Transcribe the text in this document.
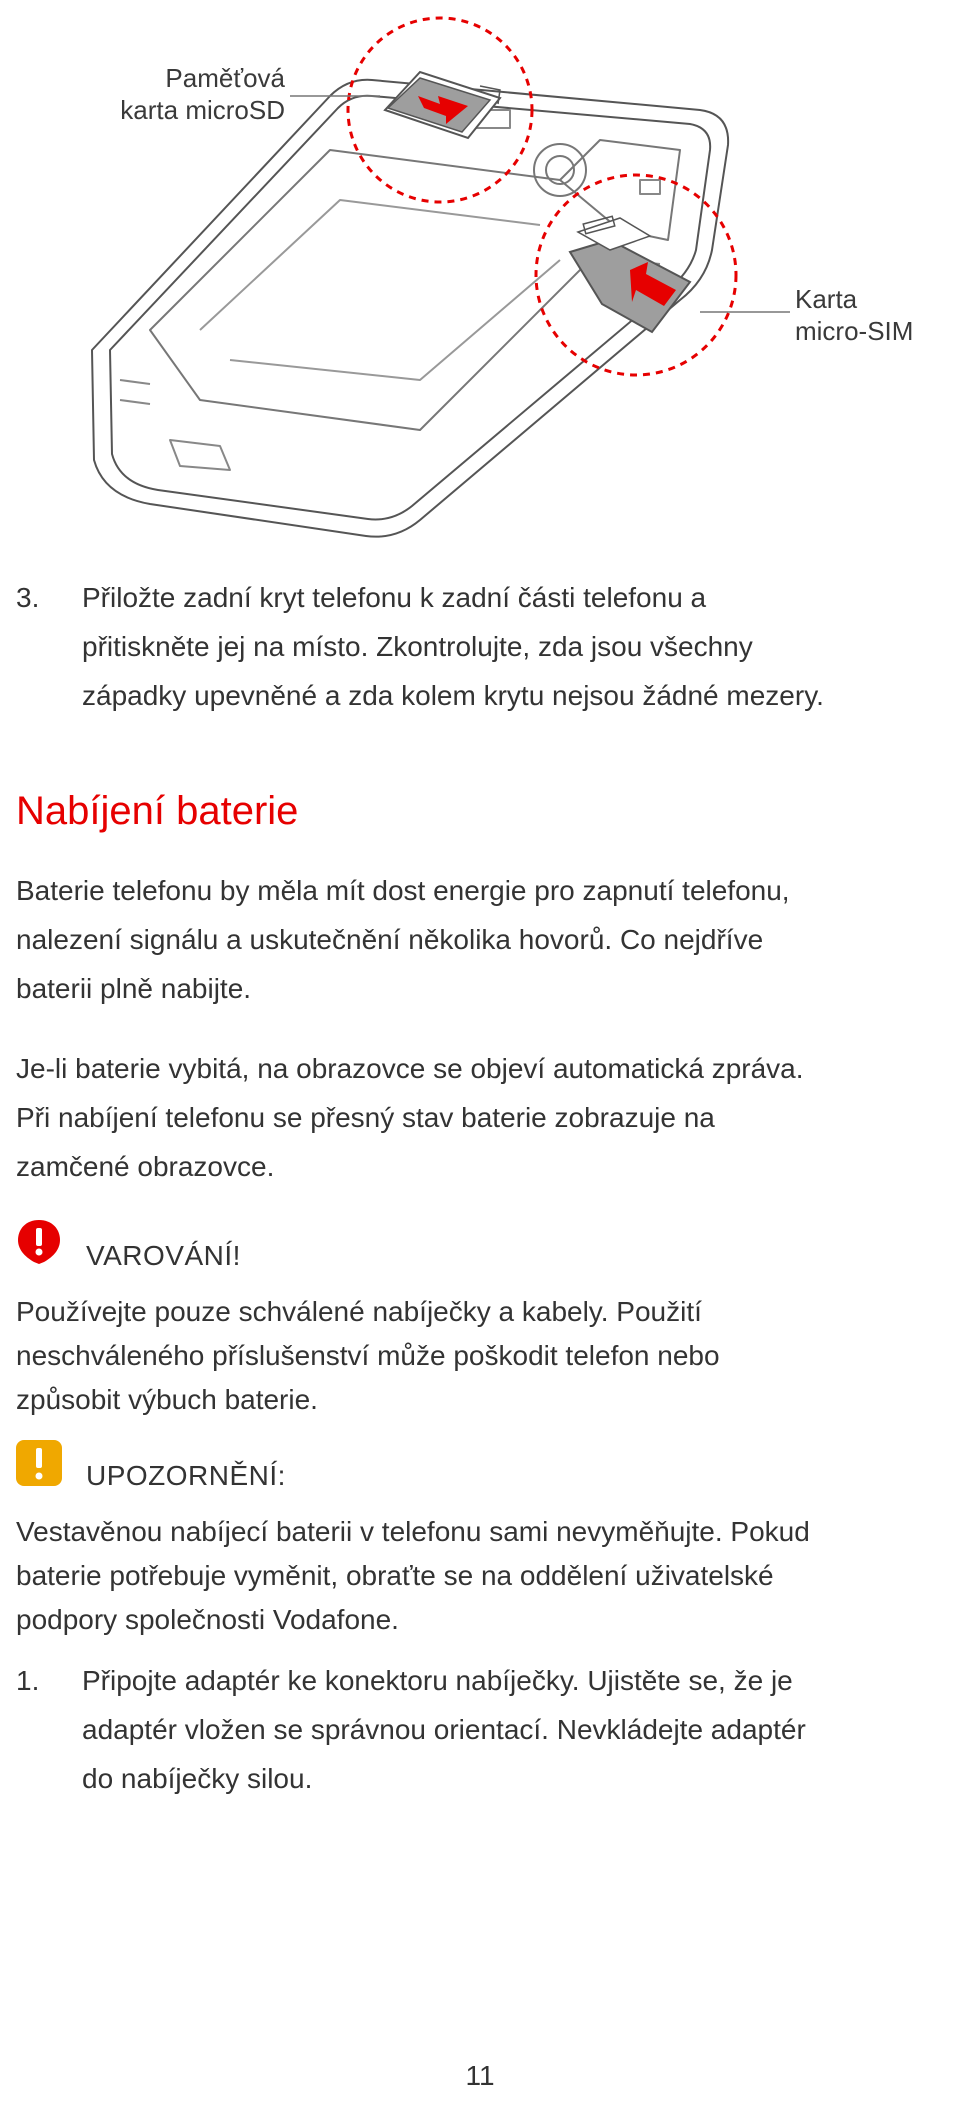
Paměťová
karta microSD
Karta
micro-SIM
3. Přiložte zadní kryt telefonu k zadní části telefonu a
přitiskněte jej na místo. Zkontrolujte, zda jsou všechny
západky upevněné a zda kolem krytu nejsou žádné mezery.
Nabíjení baterie
Baterie telefonu by měla mít dost energie pro zapnutí telefonu,
nalezení signálu a uskutečnění několika hovorů. Co nejdříve
baterii plně nabijte.
Je-li baterie vybitá, na obrazovce se objeví automatická zpráva.
Při nabíjení telefonu se přesný stav baterie zobrazuje na
zamčené obrazovce.
VAROVÁNÍ!
Používejte pouze schválené nabíječky a kabely. Použití
neschváleného příslušenství může poškodit telefon nebo
způsobit výbuch baterie.
UPOZORNĚNÍ:
Vestavěnou nabíjecí baterii v telefonu sami nevyměňujte. Pokud
baterie potřebuje vyměnit, obraťte se na oddělení uživatelské
podpory společnosti Vodafone.
1. Připojte adaptér ke konektoru nabíječky. Ujistěte se, že je
adaptér vložen se správnou orientací. Nevkládejte adaptér
do nabíječky silou.
11
